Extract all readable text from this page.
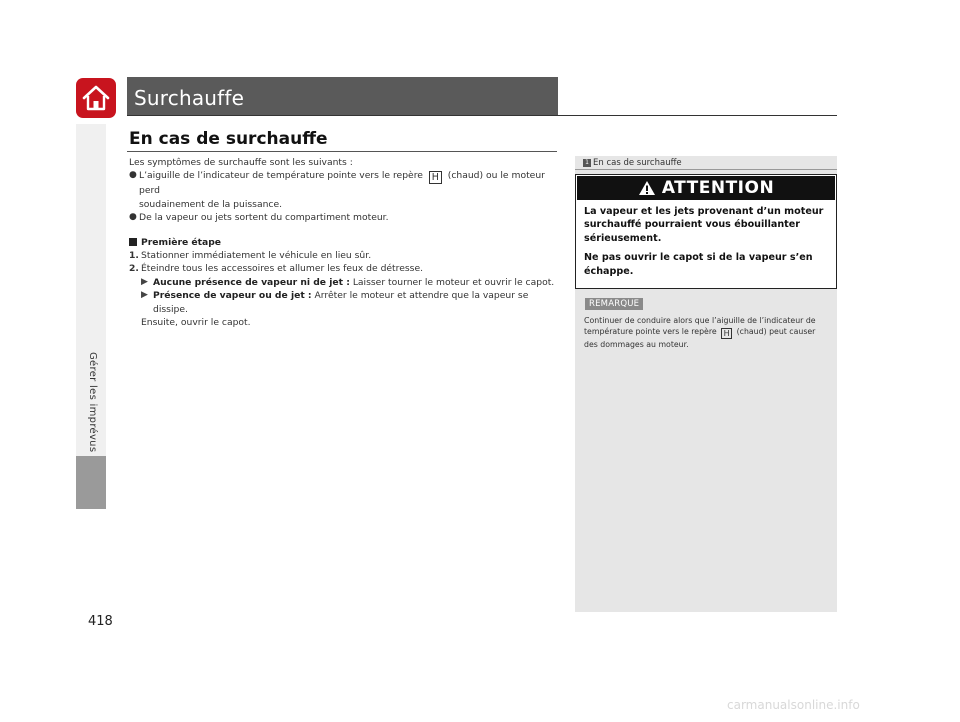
Surchauffe
Gérer les imprévus
En cas de surchauffe

Les symptômes de surchauffe sont les suivants :

● L’aiguille de l’indicateur de température pointe vers le repère H (chaud) ou le moteur perd

soudainement de la puissance.

● De la vapeur ou jets sortent du compartiment moteur.
Première étape
1. Stationner immédiatement le véhicule en lieu sûr.
2. Éteindre tous les accessoires et allumer les feux de détresse.
▶ Aucune présence de vapeur ni de jet : Laisser tourner le moteur et ouvrir le capot.
▶ Présence de vapeur ou de jet : Arrêter le moteur et attendre que la vapeur se dissipe.

Ensuite, ouvrir le capot.

1 En cas de surchauffe
ATTENTION

La vapeur et les jets provenant d’un moteur surchauffé pourraient vous ébouillanter sérieusement.

Ne pas ouvrir le capot si de la vapeur s’en échappe.

REMARQUE
Continuer de conduire alors que l’aiguille de l’indicateur de température pointe vers le repère H (chaud) peut causer des dommages au moteur.
418
carmanualsonline.info
